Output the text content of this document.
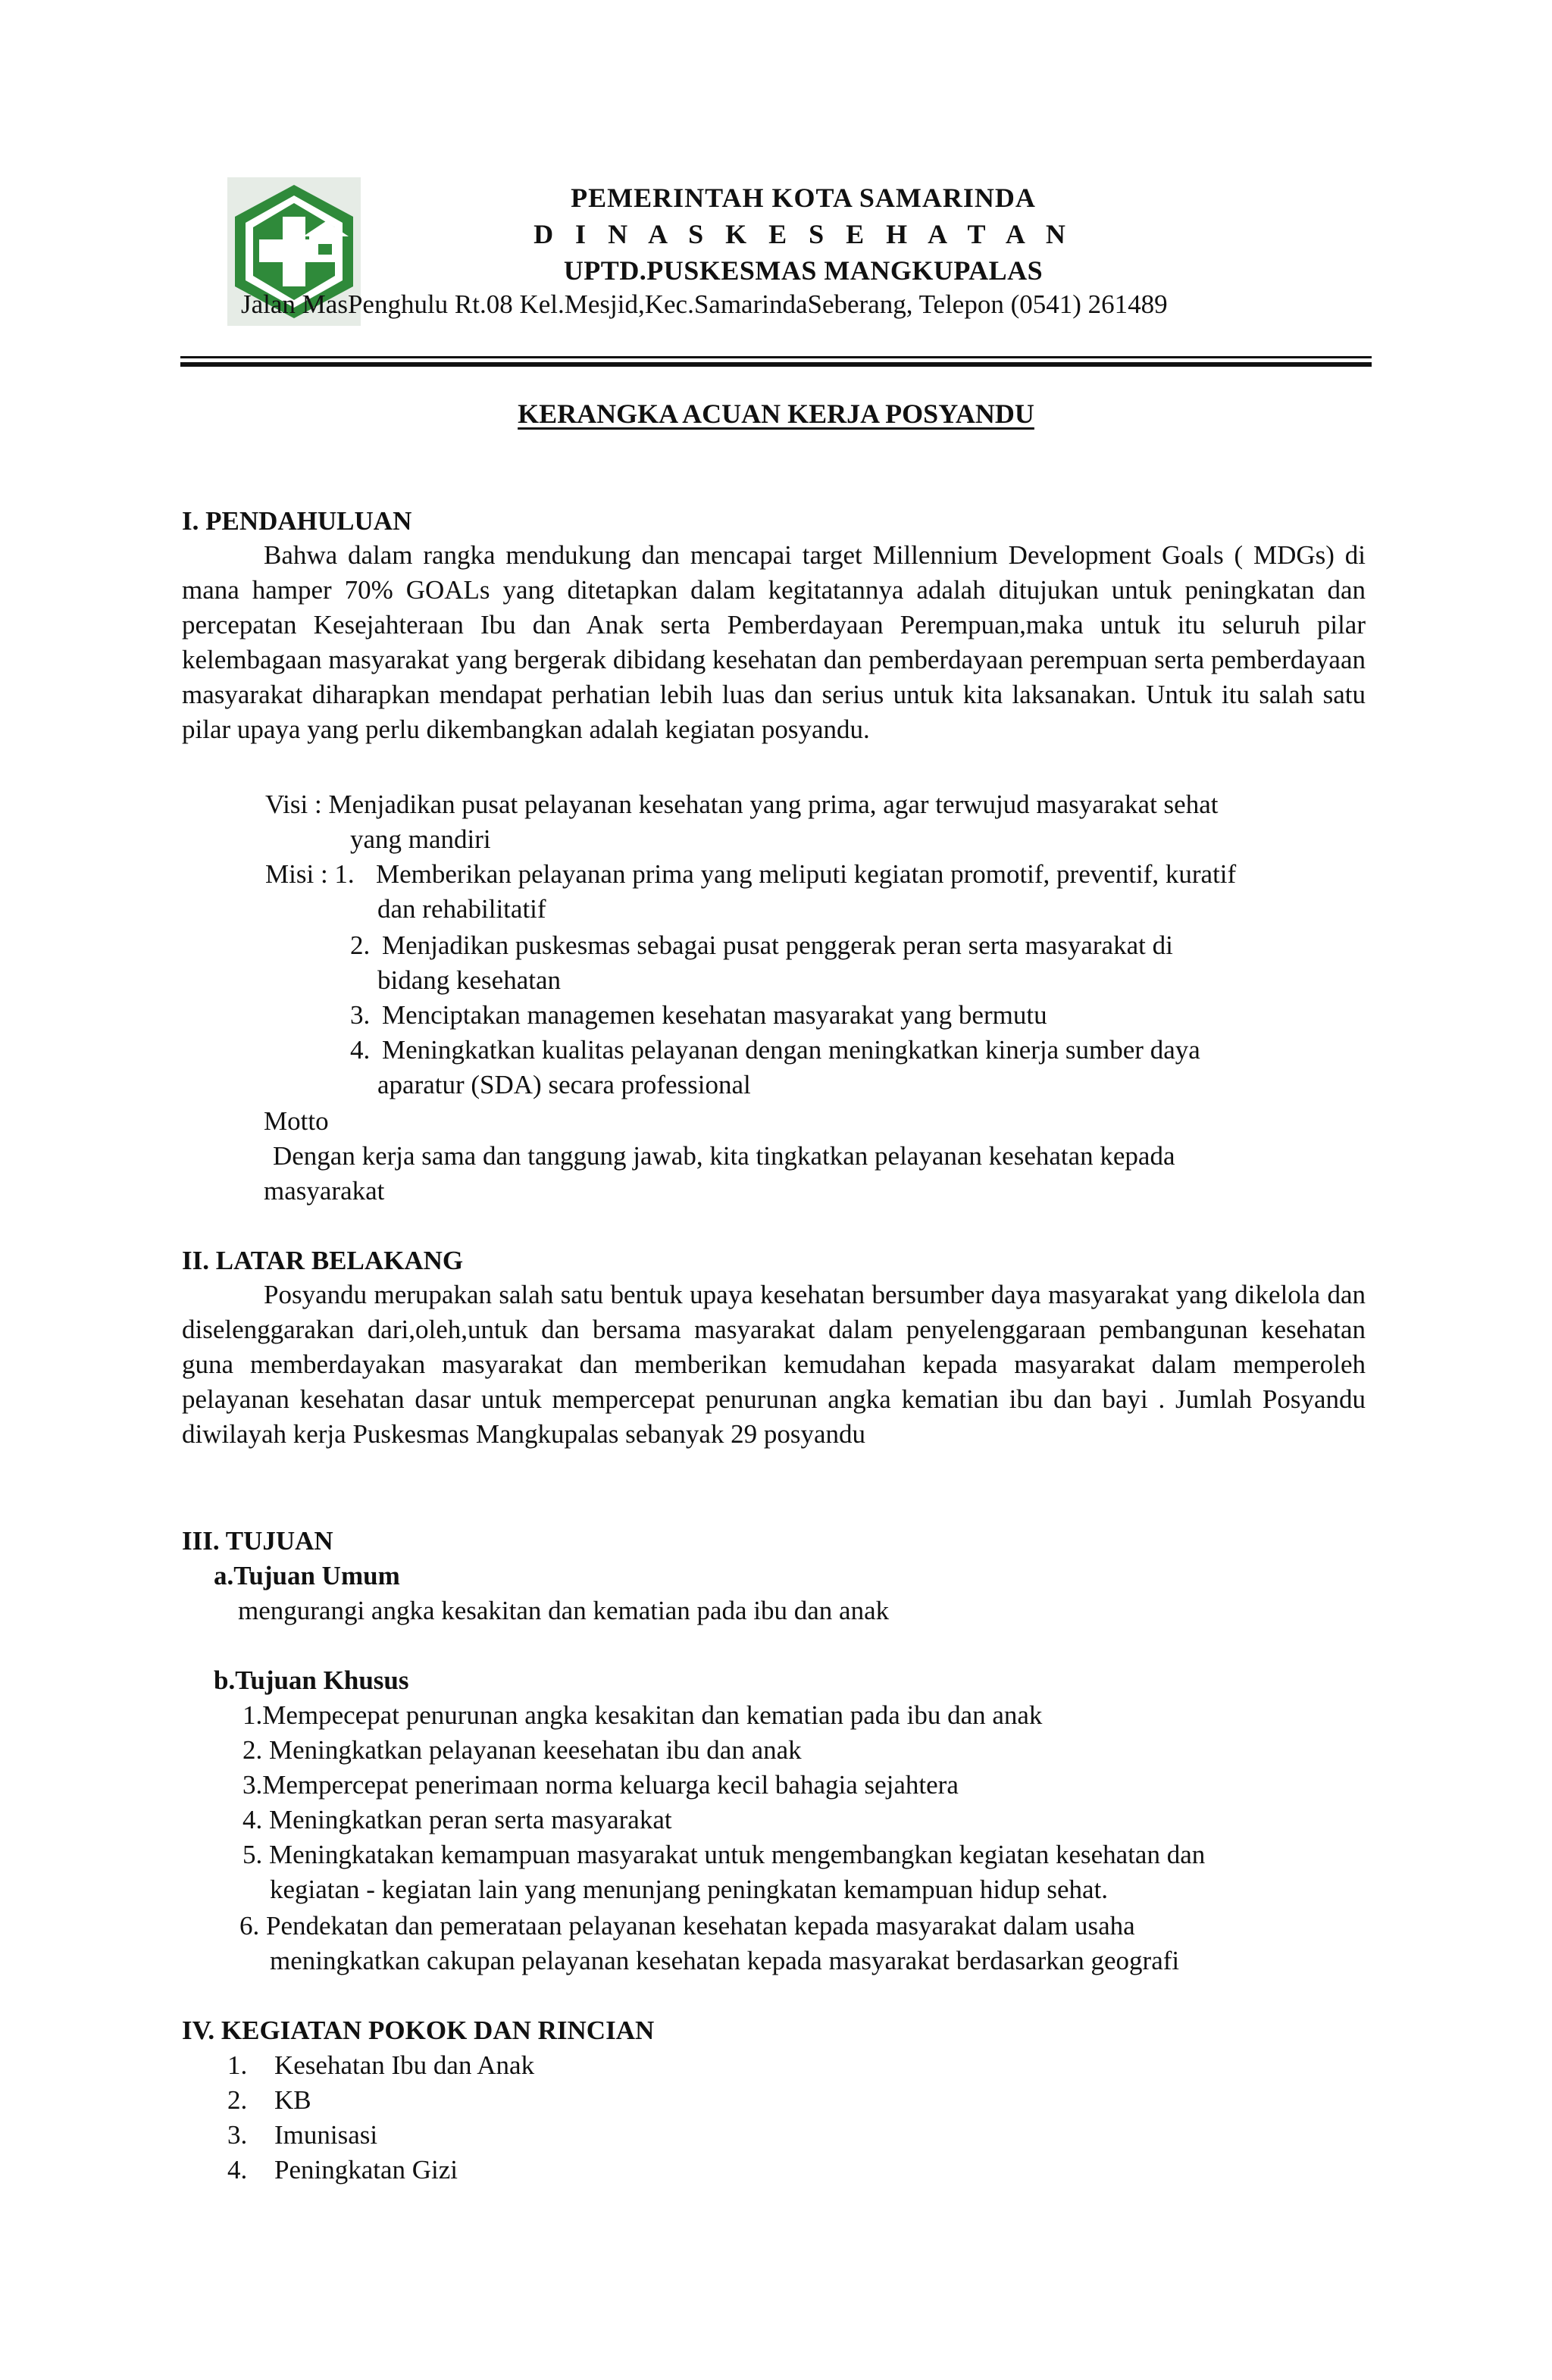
PEMERINTAH KOTA SAMARINDA
D I N A S K E S E H A T A N
UPTD.PUSKESMAS MANGKUPALAS
Jalan MasPenghulu Rt.08 Kel.Mesjid,Kec.SamarindaSeberang, Telepon (0541) 261489
KERANGKA ACUAN KERJA POSYANDU
I. PENDAHULUAN
Bahwa dalam rangka mendukung dan mencapai target Millennium Development Goals ( MDGs) di mana hamper 70% GOALs yang ditetapkan dalam kegitatannya adalah ditujukan untuk peningkatan dan percepatan Kesejahteraan Ibu dan Anak serta Pemberdayaan Perempuan,maka untuk itu seluruh pilar kelembagaan masyarakat yang bergerak dibidang kesehatan dan pemberdayaan perempuan serta pemberdayaan masyarakat diharapkan mendapat perhatian lebih luas dan serius untuk kita laksanakan. Untuk itu salah satu pilar upaya yang perlu dikembangkan adalah kegiatan posyandu.
Visi : Menjadikan pusat pelayanan kesehatan yang prima, agar terwujud masyarakat sehat
yang mandiri
Misi : 1. Memberikan pelayanan prima yang meliputi kegiatan promotif, preventif, kuratif
dan rehabilitatif
2. Menjadikan puskesmas sebagai pusat penggerak peran serta masyarakat di
bidang kesehatan
3. Menciptakan managemen kesehatan masyarakat yang bermutu
4. Meningkatkan kualitas pelayanan dengan meningkatkan kinerja sumber daya
aparatur (SDA) secara professional
Motto
Dengan kerja sama dan tanggung jawab, kita tingkatkan pelayanan kesehatan kepada
masyarakat
II. LATAR BELAKANG
Posyandu merupakan salah satu bentuk upaya kesehatan bersumber daya masyarakat yang dikelola dan diselenggarakan dari,oleh,untuk dan bersama masyarakat dalam penyelenggaraan pembangunan kesehatan guna memberdayakan masyarakat dan memberikan kemudahan kepada masyarakat dalam memperoleh pelayanan kesehatan dasar untuk mempercepat penurunan angka kematian ibu dan bayi . Jumlah Posyandu diwilayah kerja Puskesmas Mangkupalas sebanyak 29 posyandu
III. TUJUAN
a.Tujuan Umum
mengurangi angka kesakitan dan kematian pada ibu dan anak
b.Tujuan Khusus
1.Mempecepat penurunan angka kesakitan dan kematian pada ibu dan anak
2. Meningkatkan pelayanan keesehatan ibu dan anak
3.Mempercepat penerimaan norma keluarga kecil bahagia sejahtera
4. Meningkatkan peran serta masyarakat
5. Meningkatakan kemampuan masyarakat untuk mengembangkan kegiatan kesehatan dan
kegiatan - kegiatan lain yang menunjang peningkatan kemampuan hidup sehat.
6. Pendekatan dan pemerataan pelayanan kesehatan kepada masyarakat dalam usaha
meningkatkan cakupan pelayanan kesehatan kepada masyarakat berdasarkan geografi
IV. KEGIATAN POKOK DAN RINCIAN
1. Kesehatan Ibu dan Anak
2. KB
3. Imunisasi
4. Peningkatan Gizi
